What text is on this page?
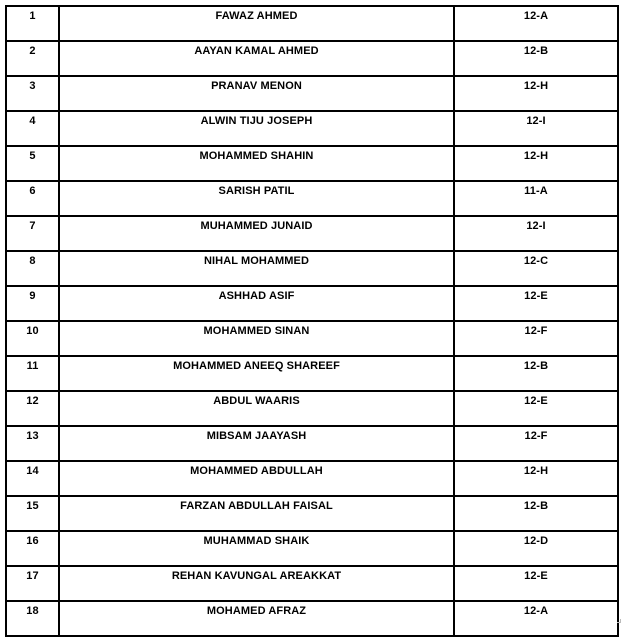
1	FAWAZ AHMED	12-A
2	AAYAN KAMAL AHMED	12-B
3	PRANAV MENON	12-H
4	ALWIN TIJU JOSEPH	12-I
5	MOHAMMED SHAHIN	12-H
6	SARISH PATIL	11-A
7	MUHAMMED JUNAID	12-I
8	NIHAL MOHAMMED	12-C
9	ASHHAD ASIF	12-E
10	MOHAMMED SINAN	12-F
11	MOHAMMED ANEEQ SHAREEF	12-B
12	ABDUL WAARIS	12-E
13	MIBSAM JAAYASH	12-F
14	MOHAMMED ABDULLAH	12-H
15	FARZAN ABDULLAH FAISAL	12-B
16	MUHAMMAD SHAIK	12-D
17	REHAN KAVUNGAL AREAKKAT	12-E
18	MOHAMED AFRAZ	12-A
